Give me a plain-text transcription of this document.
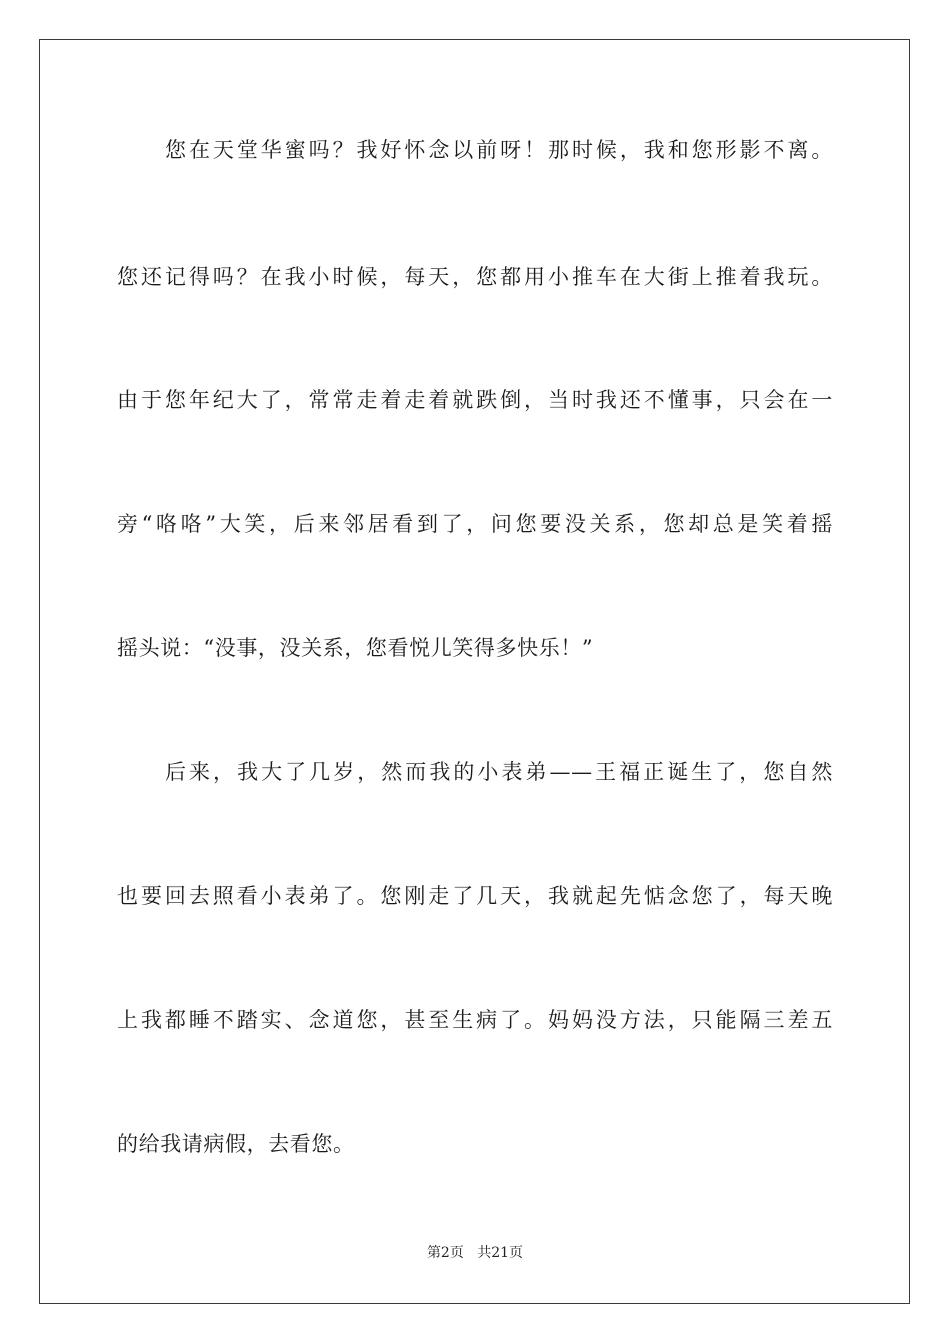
您在天堂华蜜吗？我好怀念以前呀！那时候，我和您形影不离。
您还记得吗？在我小时候，每天，您都用小推车在大街上推着我玩。
由于您年纪大了，常常走着走着就跌倒，当时我还不懂事，只会在一
旁“咯咯”大笑，后来邻居看到了，问您要没关系，您却总是笑着摇
摇头说：“没事，没关系，您看悦儿笑得多快乐！”
后来，我大了几岁，然而我的小表弟——王福正诞生了，您自然
也要回去照看小表弟了。您刚走了几天，我就起先惦念您了，每天晚
上我都睡不踏实、念道您，甚至生病了。妈妈没方法，只能隔三差五
的给我请病假，去看您。
第2页 共21页
